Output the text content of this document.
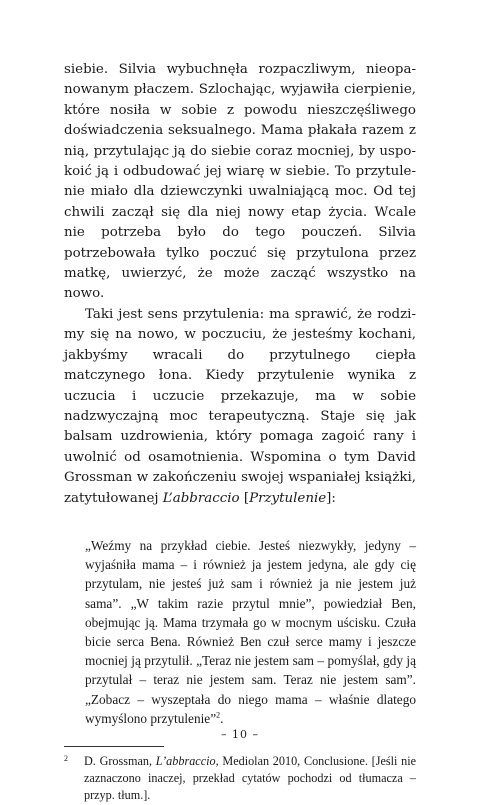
siebie. Silvia wybuchnęła rozpaczliwym, nieopanowanym płaczem. Szlochając, wyjawiła cierpienie, które nosiła w sobie z powodu nieszczęśliwego doświadczenia seksualnego. Mama płakała razem z nią, przytulając ją do siebie coraz mocniej, by uspokoić ją i odbudować jej wiarę w siebie. To przytulenie miało dla dziewczynki uwalniającą moc. Od tej chwili zaczął się dla niej nowy etap życia. Wcale nie potrzeba było do tego pouczeń. Silvia potrzebowała tylko poczuć się przytulona przez matkę, uwierzyć, że może zacząć wszystko na nowo.

Taki jest sens przytulenia: ma sprawić, że rodzimy się na nowo, w poczuciu, że jesteśmy kochani, jakbyśmy wracali do przytulnego ciepła matczynego łona. Kiedy przytulenie wynika z uczucia i uczucie przekazuje, ma w sobie nadzwyczajną moc terapeutyczną. Staje się jak balsam uzdrowienia, który pomaga zagoić rany i uwolnić od osamotnienia. Wspomina o tym David Grossman w zakończeniu swojej wspaniałej książki, zatytułowanej L’abbraccio [Przytulenie]:

„Weźmy na przykład ciebie. Jesteś niezwykły, jedyny – wyjaśniła mama – i również ja jestem jedyna, ale gdy cię przytulam, nie jesteś już sam i również ja nie jestem już sama”. „W takim razie przytul mnie”, powiedział Ben, obejmując ją. Mama trzymała go w mocnym uścisku. Czuła bicie serca Bena. Również Ben czuł serce mamy i jeszcze mocniej ją przytulił. „Teraz nie jestem sam – pomyślał, gdy ją przytulał – teraz nie jestem sam. Teraz nie jestem sam”. „Zobacz – wyszeptała do niego mama – właśnie dlatego wymyślono przytulenie”$^2$.

2	D. Grossman, L’abbraccio, Mediolan 2010, Conclusione. [Jeśli nie zaznaczono inaczej, przekład cytatów pochodzi od tłumacza – przyp. tłum.].
– 10 –
